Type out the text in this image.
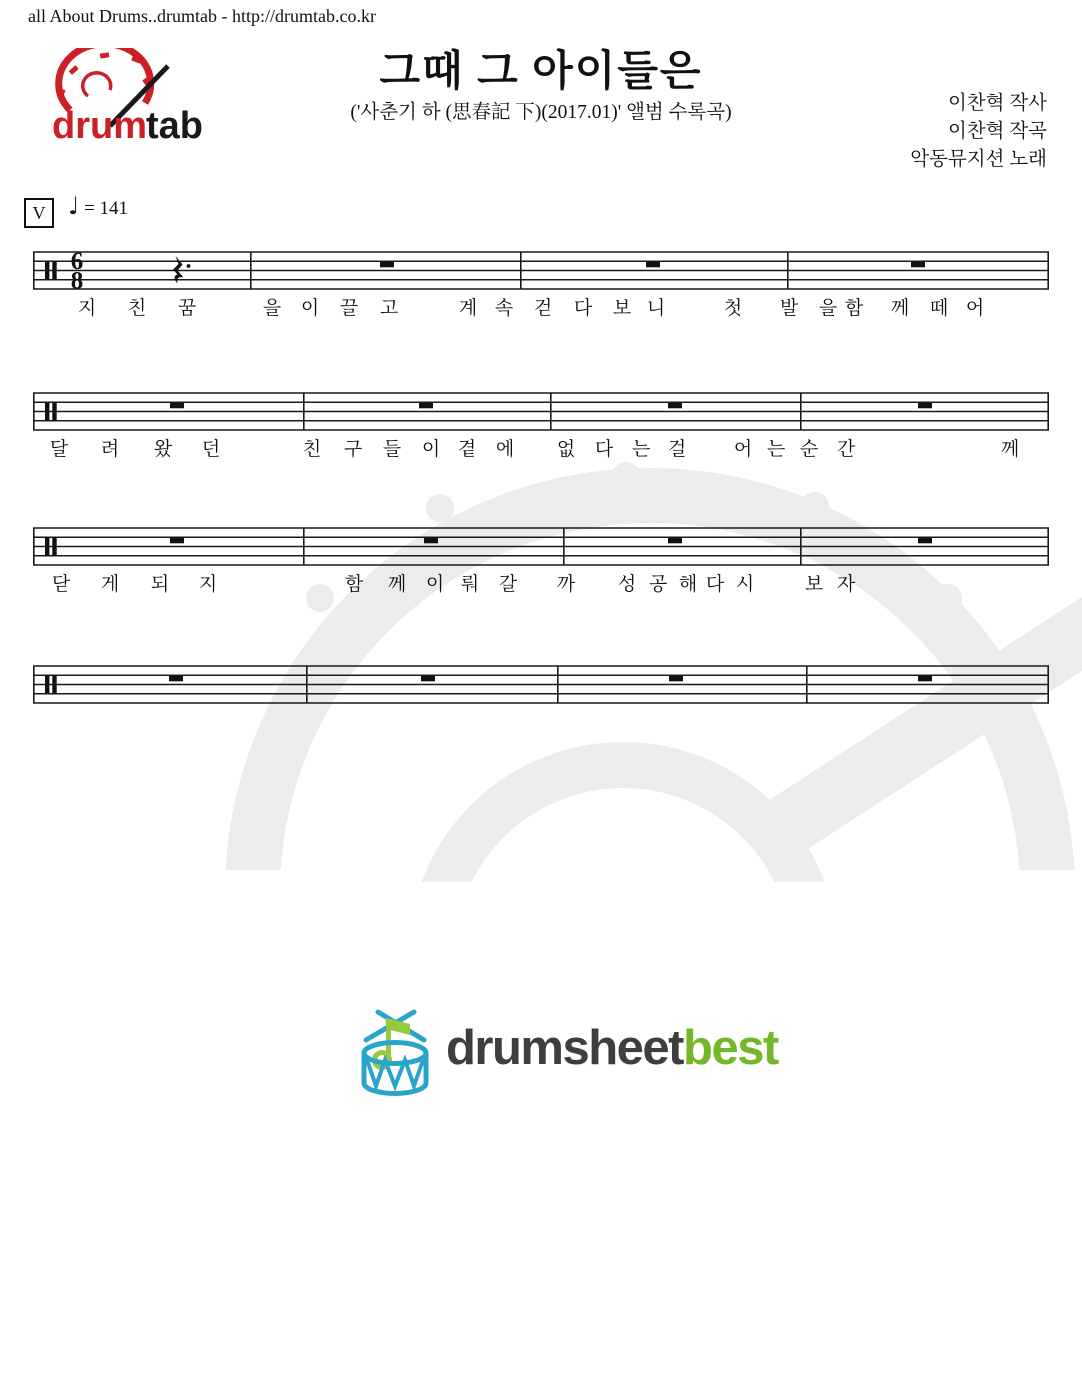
all About Drums..drumtab - http://drumtab.co.kr
drum tab
그때 그 아이들은
('사춘기 하 (思春記 下)(2017.01)' 앨범 수록곡)	이찬혁 작사
이찬혁 작곡
악동뮤지션 노래
V ♩ = 141
6
8
지 친 꿈	을 이 끌 고	계 속 걷 다 보 니	첫 발 을 함 께 떼 어
달 려 왔 던	친 구 들 이 곁 에 없 다 는 걸	어 는 순 간	께
닫 게 되 지	함 께 이 뤄 갈 까 성 공 해 다 시	보 자
drumsheetbest
